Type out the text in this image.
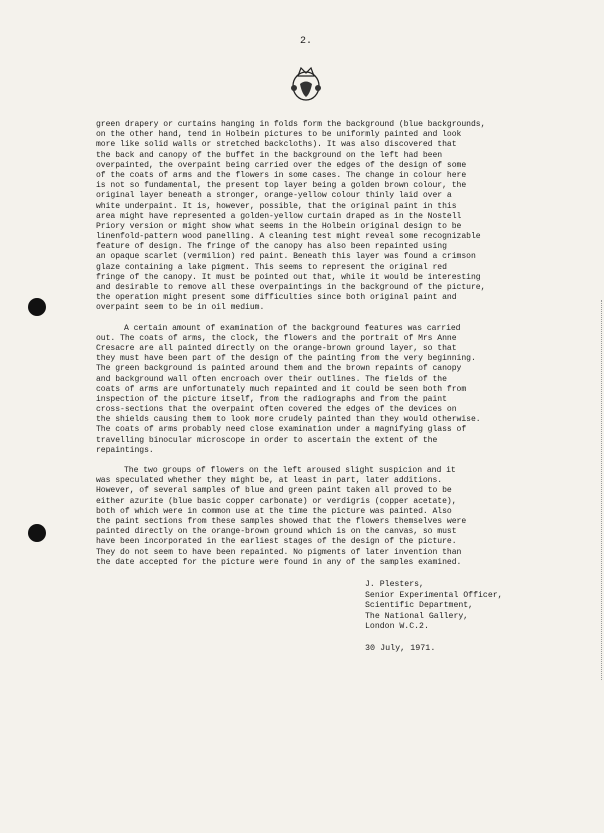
2.
green drapery or curtains hanging in folds form the background (blue backgrounds,
on the other hand, tend in Holbein pictures to be uniformly painted and look
more like solid walls or stretched backcloths). It was also discovered that
the back and canopy of the buffet in the background on the left had been
overpainted, the overpaint being carried over the edges of the design of some
of the coats of arms and the flowers in some cases. The change in colour here
is not so fundamental, the present top layer being a golden brown colour, the
original layer beneath a stronger, orange-yellow colour thinly laid over a
white underpaint. It is, however, possible, that the original paint in this
area might have represented a golden-yellow curtain draped as in the Nostell
Priory version or might show what seems in the Holbein original design to be
linenfold-pattern wood panelling. A cleaning test might reveal some recognizable
feature of design. The fringe of the canopy has also been repainted using
an opaque scarlet (vermilion) red paint. Beneath this layer was found a crimson
glaze containing a lake pigment. This seems to represent the original red
fringe of the canopy. It must be pointed out that, while it would be interesting
and desirable to remove all these overpaintings in the background of the picture,
the operation might present some difficulties since both original paint and
overpaint seem to be in oil medium.
A certain amount of examination of the background features was carried
out. The coats of arms, the clock, the flowers and the portrait of Mrs Anne
Cresacre are all painted directly on the orange-brown ground layer, so that
they must have been part of the design of the painting from the very beginning.
The green background is painted around them and the brown repaints of canopy
and background wall often encroach over their outlines. The fields of the
coats of arms are unfortunately much repainted and it could be seen both from
inspection of the picture itself, from the radiographs and from the paint
cross-sections that the overpaint often covered the edges of the devices on
the shields causing them to look more crudely painted than they would otherwise.
The coats of arms probably need close examination under a magnifying glass of
travelling binocular microscope in order to ascertain the extent of the
repaintings.
The two groups of flowers on the left aroused slight suspicion and it
was speculated whether they might be, at least in part, later additions.
However, of several samples of blue and green paint taken all proved to be
either azurite (blue basic copper carbonate) or verdigris (copper acetate),
both of which were in common use at the time the picture was painted. Also
the paint sections from these samples showed that the flowers themselves were
painted directly on the orange-brown ground which is on the canvas, so must
have been incorporated in the earliest stages of the design of the picture.
They do not seem to have been repainted. No pigments of later invention than
the date accepted for the picture were found in any of the samples examined.
J. Plesters,
Senior Experimental Officer,
Scientific Department,
The National Gallery,
London W.C.2.
30 July, 1971.
